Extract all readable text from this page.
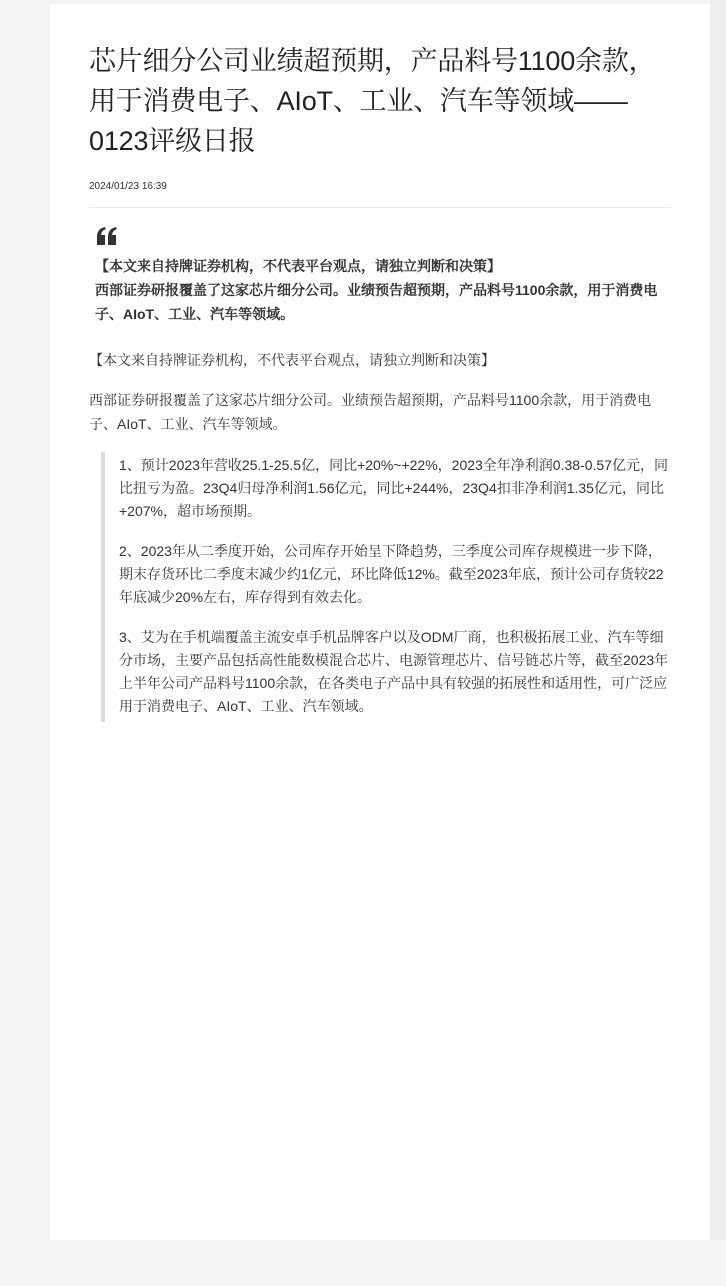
芯片细分公司业绩超预期，产品料号1100余款，用于消费电子、AIoT、工业、汽车等领域——0123评级日报
2024/01/23 16:39

【本文来自持牌证券机构，不代表平台观点，请独立判断和决策】

西部证券研报覆盖了这家芯片细分公司。业绩预告超预期，产品料号1100余款，用于消费电子、AIoT、工业、汽车等领域。

【本文来自持牌证券机构，不代表平台观点，请独立判断和决策】

西部证券研报覆盖了这家芯片细分公司。业绩预告超预期，产品料号1100余款，用于消费电子、AIoT、工业、汽车等领域。

1、预计2023年营收25.1-25.5亿，同比+20%~+22%，2023全年净利润0.38-0.57亿元，同比扭亏为盈。23Q4归母净利润1.56亿元，同比+244%，23Q4扣非净利润1.35亿元，同比+207%，超市场预期。

2、2023年从二季度开始，公司库存开始呈下降趋势，三季度公司库存规模进一步下降，期末存货环比二季度末减少约1亿元，环比降低12%。截至2023年底，预计公司存货较22年底减少20%左右，库存得到有效去化。

3、艾为在手机端覆盖主流安卓手机品牌客户以及ODM厂商，也积极拓展工业、汽车等细分市场，主要产品包括高性能数模混合芯片、电源管理芯片、信号链芯片等，截至2023年上半年公司产品料号1100余款，在各类电子产品中具有较强的拓展性和适用性，可广泛应用于消费电子、AIoT、工业、汽车领域。
